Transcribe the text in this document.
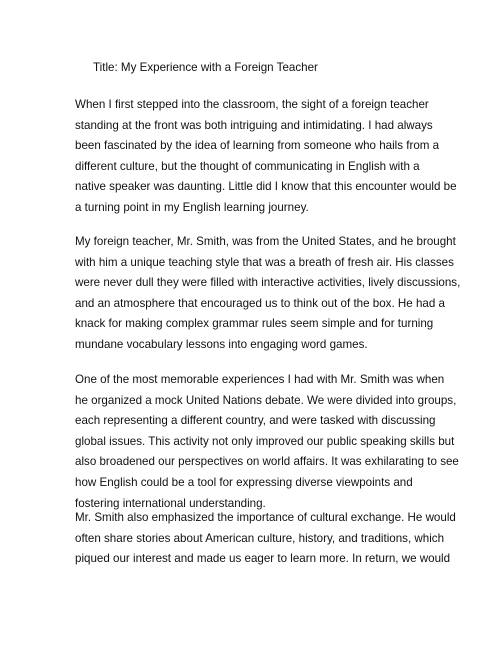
Title: My Experience with a Foreign Teacher
When I first stepped into the classroom, the sight of a foreign teacher
standing at the front was both intriguing and intimidating. I had always
been fascinated by the idea of learning from someone who hails from a
different culture, but the thought of communicating in English with a
native speaker was daunting. Little did I know that this encounter would be
a turning point in my English learning journey.
My foreign teacher, Mr. Smith, was from the United States, and he brought
with him a unique teaching style that was a breath of fresh air. His classes
were never dull they were filled with interactive activities, lively discussions,
and an atmosphere that encouraged us to think out of the box. He had a
knack for making complex grammar rules seem simple and for turning
mundane vocabulary lessons into engaging word games.
One of the most memorable experiences I had with Mr. Smith was when
he organized a mock United Nations debate. We were divided into groups,
each representing a different country, and were tasked with discussing
global issues. This activity not only improved our public speaking skills but
also broadened our perspectives on world affairs. It was exhilarating to see
how English could be a tool for expressing diverse viewpoints and
fostering international understanding.
Mr. Smith also emphasized the importance of cultural exchange. He would
often share stories about American culture, history, and traditions, which
piqued our interest and made us eager to learn more. In return, we would
